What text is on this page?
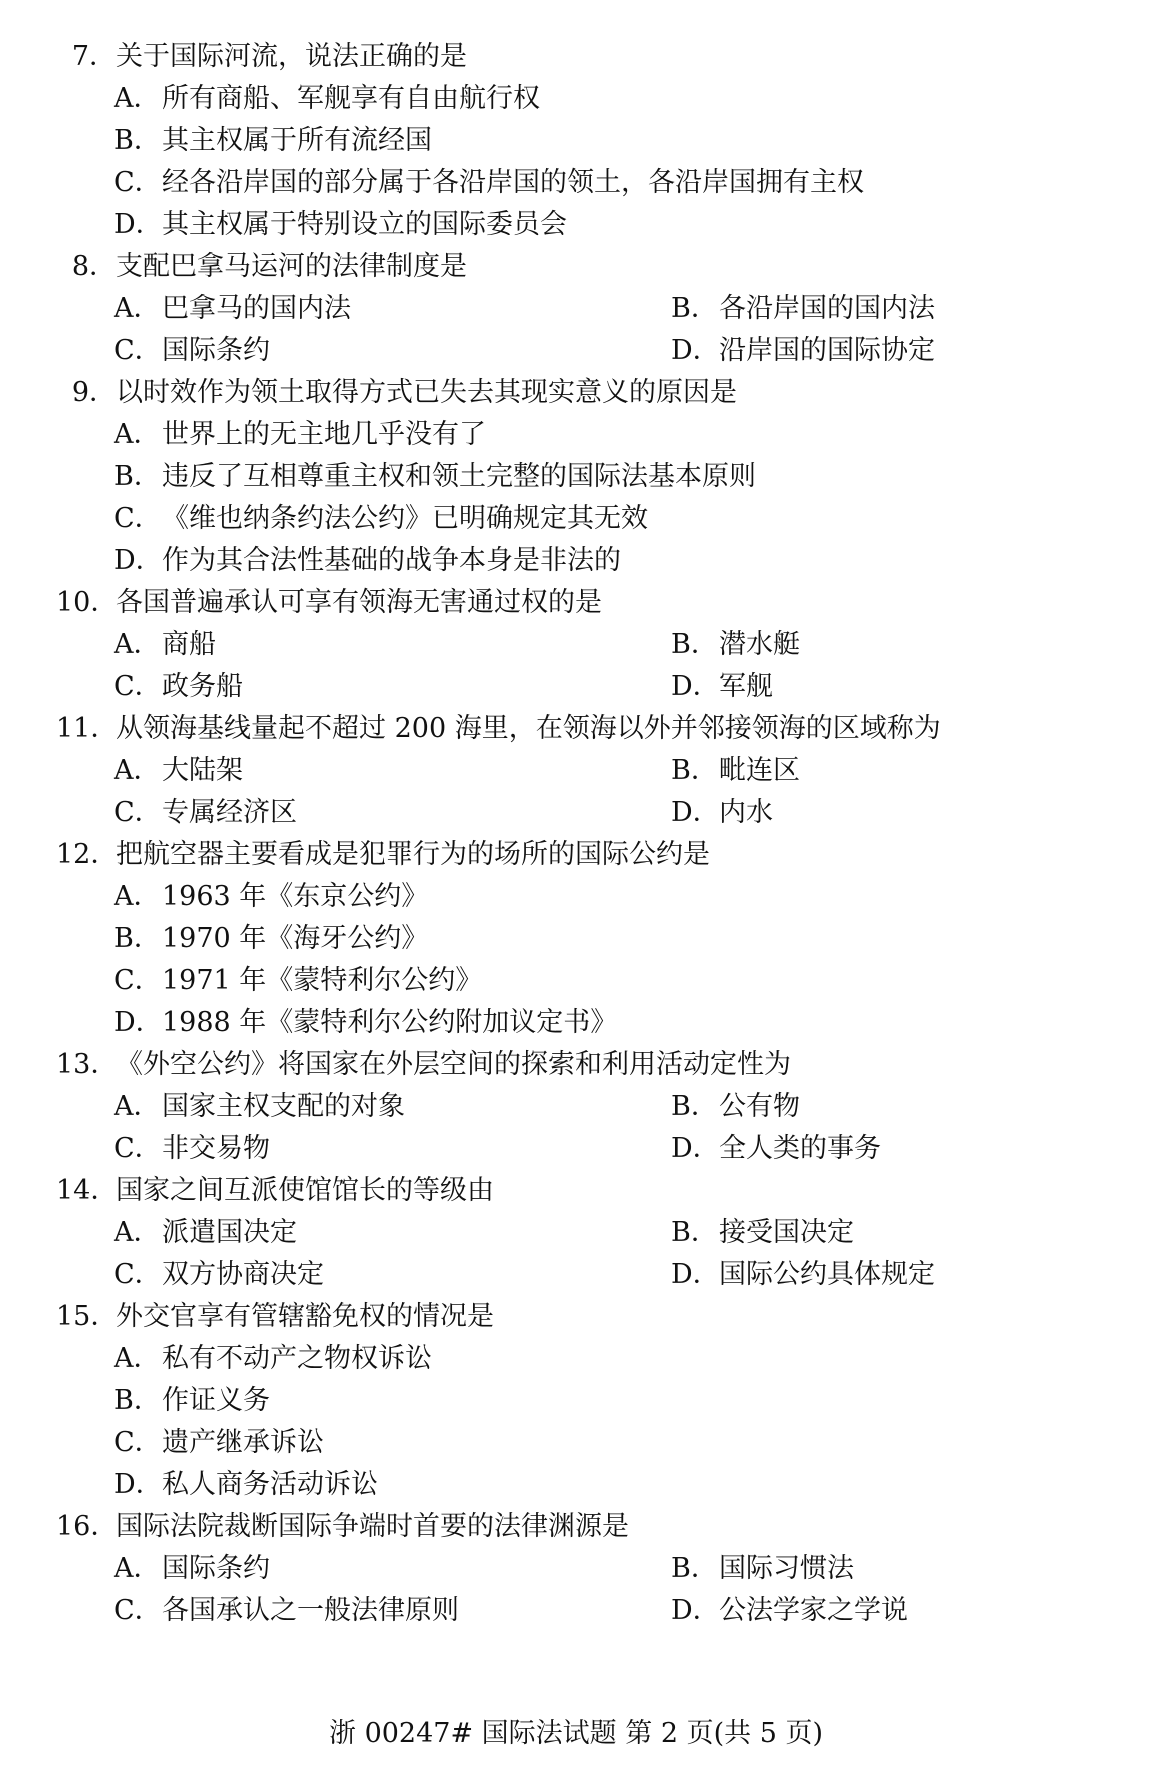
7．关于国际河流，说法正确的是
A．所有商船、军舰享有自由航行权
B．其主权属于所有流经国
C．经各沿岸国的部分属于各沿岸国的领土，各沿岸国拥有主权
D．其主权属于特别设立的国际委员会
8．支配巴拿马运河的法律制度是
A．巴拿马的国内法	B．各沿岸国的国内法
C．国际条约	D．沿岸国的国际协定
9．以时效作为领土取得方式已失去其现实意义的原因是
A．世界上的无主地几乎没有了
B．违反了互相尊重主权和领土完整的国际法基本原则
C．《维也纳条约法公约》已明确规定其无效
D．作为其合法性基础的战争本身是非法的
10．各国普遍承认可享有领海无害通过权的是
A．商船	B．潜水艇
C．政务船	D．军舰
11．从领海基线量起不超过 200 海里，在领海以外并邻接领海的区域称为
A．大陆架	B．毗连区
C．专属经济区	D．内水
12．把航空器主要看成是犯罪行为的场所的国际公约是
A．1963 年《东京公约》
B．1970 年《海牙公约》
C．1971 年《蒙特利尔公约》
D．1988 年《蒙特利尔公约附加议定书》
13．《外空公约》将国家在外层空间的探索和利用活动定性为
A．国家主权支配的对象	B．公有物
C．非交易物	D．全人类的事务
14．国家之间互派使馆馆长的等级由
A．派遣国决定	B．接受国决定
C．双方协商决定	D．国际公约具体规定
15．外交官享有管辖豁免权的情况是
A．私有不动产之物权诉讼
B．作证义务
C．遗产继承诉讼
D．私人商务活动诉讼
16．国际法院裁断国际争端时首要的法律渊源是
A．国际条约	B．国际习惯法
C．各国承认之一般法律原则	D．公法学家之学说
浙 00247# 国际法试题 第 2 页(共 5 页)
